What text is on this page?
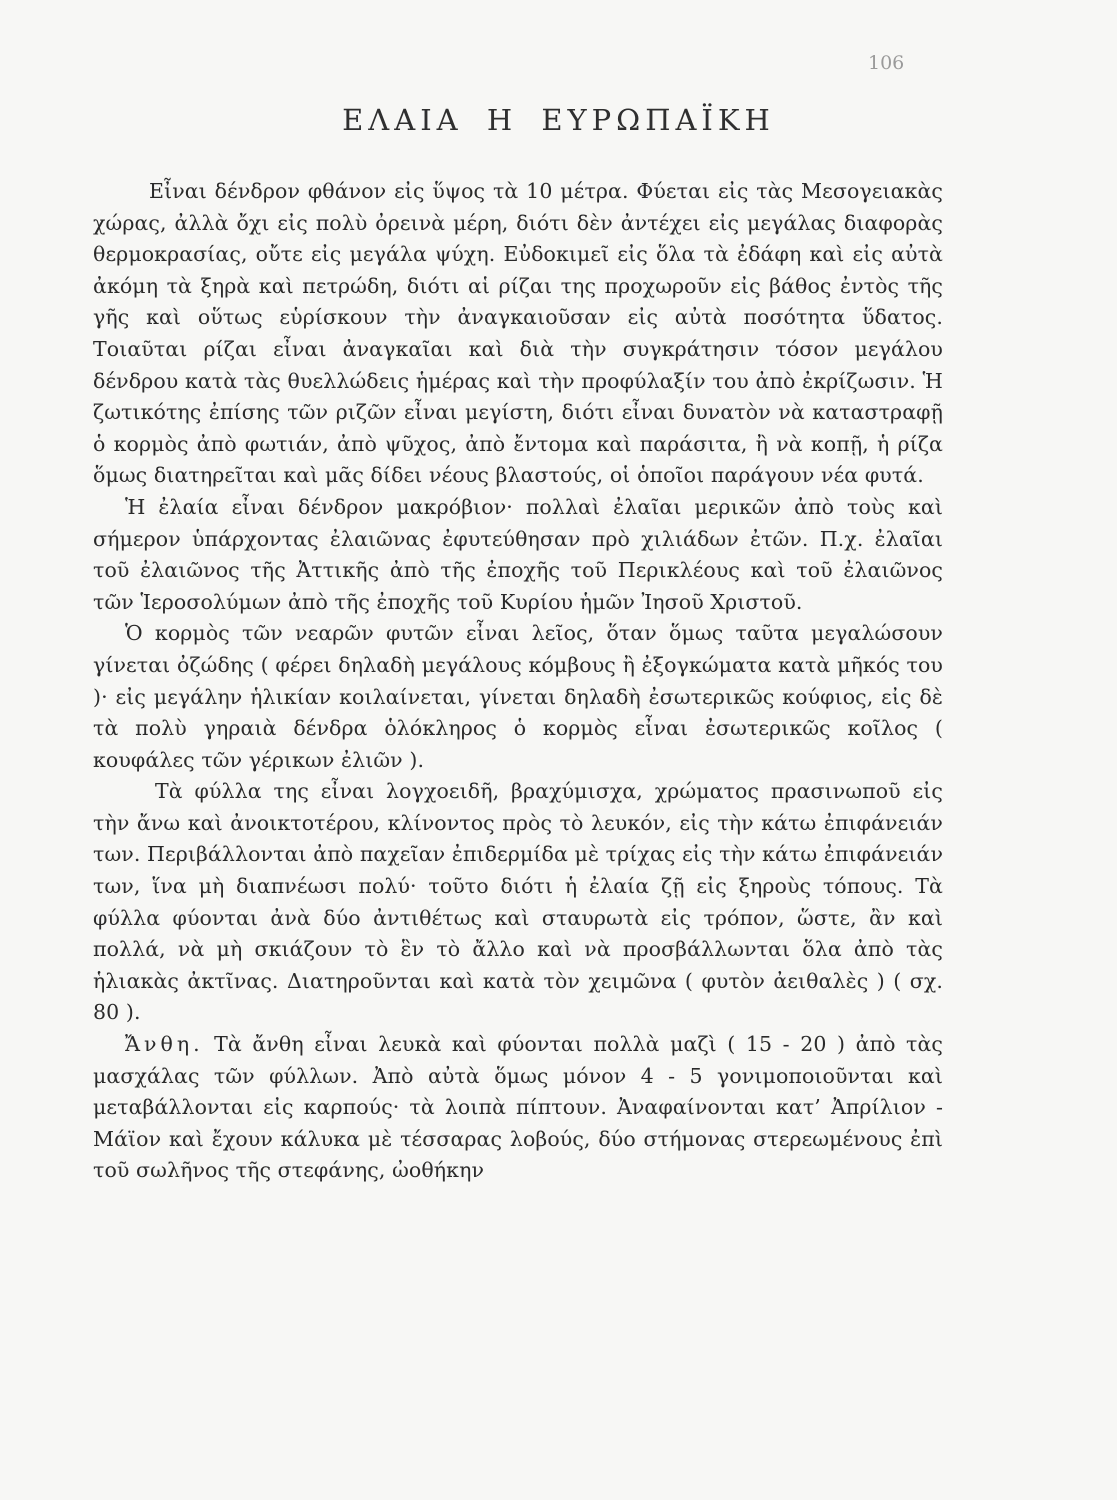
106
ΕΛΑΙΑ Η ΕΥΡΩΠΑΪΚΗ

Εἶναι δένδρον φθάνον εἰς ὕψος τὰ 10 μέτρα. Φύεται εἰς τὰς Μεσογειακὰς χώρας, ἀλλὰ ὄχι εἰς πολὺ ὀρεινὰ μέρη, διότι δὲν ἀντέχει εἰς μεγάλας διαφορὰς θερμοκρασίας, οὔτε εἰς μεγάλα ψύχη. Εὐδοκιμεῖ εἰς ὅλα τὰ ἐδάφη καὶ εἰς αὐτὰ ἀκόμη τὰ ξηρὰ καὶ πετρώδη, διότι αἱ ρίζαι της προχωροῦν εἰς βάθος ἐντὸς τῆς γῆς καὶ οὕτως εὑρίσκουν τὴν ἀναγκαιοῦσαν εἰς αὐτὰ ποσότητα ὕδατος. Τοιαῦται ρίζαι εἶναι ἀναγκαῖαι καὶ διὰ τὴν συγκράτησιν τόσον μεγάλου δένδρου κατὰ τὰς θυελλώδεις ἡμέρας καὶ τὴν προφύλαξίν του ἀπὸ ἐκρίζωσιν. Ἡ ζωτικότης ἐπίσης τῶν ριζῶν εἶναι μεγίστη, διότι εἶναι δυνατὸν νὰ καταστραφῇ ὁ κορμὸς ἀπὸ φωτιάν, ἀπὸ ψῦχος, ἀπὸ ἔντομα καὶ παράσιτα, ἢ νὰ κοπῇ, ἡ ρίζα ὅμως διατηρεῖται καὶ μᾶς δίδει νέους βλαστούς, οἱ ὁποῖοι παράγουν νέα φυτά.

Ἡ ἐλαία εἶναι δένδρον μακρόβιον· πολλαὶ ἐλαῖαι μερικῶν ἀπὸ τοὺς καὶ σήμερον ὑπάρχοντας ἐλαιῶνας ἐφυτεύθησαν πρὸ χιλιάδων ἐτῶν. Π.χ. ἐλαῖαι τοῦ ἐλαιῶνος τῆς Ἀττικῆς ἀπὸ τῆς ἐποχῆς τοῦ Περικλέους καὶ τοῦ ἐλαιῶνος τῶν Ἱεροσολύμων ἀπὸ τῆς ἐποχῆς τοῦ Κυρίου ἡμῶν Ἰησοῦ Χριστοῦ.

Ὁ κορμὸς τῶν νεαρῶν φυτῶν εἶναι λεῖος, ὅταν ὅμως ταῦτα μεγαλώσουν γίνεται ὀζώδης ( φέρει δηλαδὴ μεγάλους κόμβους ἢ ἐξογκώματα κατὰ μῆκός του )· εἰς μεγάλην ἡλικίαν κοιλαίνεται, γίνεται δηλαδὴ ἐσωτερικῶς κούφιος, εἰς δὲ τὰ πολὺ γηραιὰ δένδρα ὁλόκληρος ὁ κορμὸς εἶναι ἐσωτερικῶς κοῖλος ( κουφάλες τῶν γέρικων ἐλιῶν ).

Τὰ φύλλα της εἶναι λογχοειδῆ, βραχύμισχα, χρώματος πρασινωποῦ εἰς τὴν ἄνω καὶ ἀνοικτοτέρου, κλίνοντος πρὸς τὸ λευκόν, εἰς τὴν κάτω ἐπιφάνειάν των. Περιβάλλονται ἀπὸ παχεῖαν ἐπιδερμίδα μὲ τρίχας εἰς τὴν κάτω ἐπιφάνειάν των, ἵνα μὴ διαπνέωσι πολύ· τοῦτο διότι ἡ ἐλαία ζῇ εἰς ξηροὺς τόπους. Τὰ φύλλα φύονται ἀνὰ δύο ἀντιθέτως καὶ σταυρωτὰ εἰς τρόπον, ὥστε, ἂν καὶ πολλά, νὰ μὴ σκιάζουν τὸ ἓν τὸ ἄλλο καὶ νὰ προσβάλλωνται ὅλα ἀπὸ τὰς ἡλιακὰς ἀκτῖνας. Διατηροῦνται καὶ κατὰ τὸν χειμῶνα ( φυτὸν ἀειθαλὲς ) ( σχ. 80 ).

Ἄνθη. Τὰ ἄνθη εἶναι λευκὰ καὶ φύονται πολλὰ μαζὶ ( 15 - 20 ) ἀπὸ τὰς μασχάλας τῶν φύλλων. Ἀπὸ αὐτὰ ὅμως μόνον 4 - 5 γονιμοποιοῦνται καὶ μεταβάλλονται εἰς καρπούς· τὰ λοιπὰ πίπτουν. Ἀναφαίνονται κατ’ Ἀπρίλιον - Μάϊον καὶ ἔχουν κάλυκα μὲ τέσσαρας λοβούς, δύο στήμονας στερεωμένους ἐπὶ τοῦ σωλῆνος τῆς στεφάνης, ὠοθήκην
